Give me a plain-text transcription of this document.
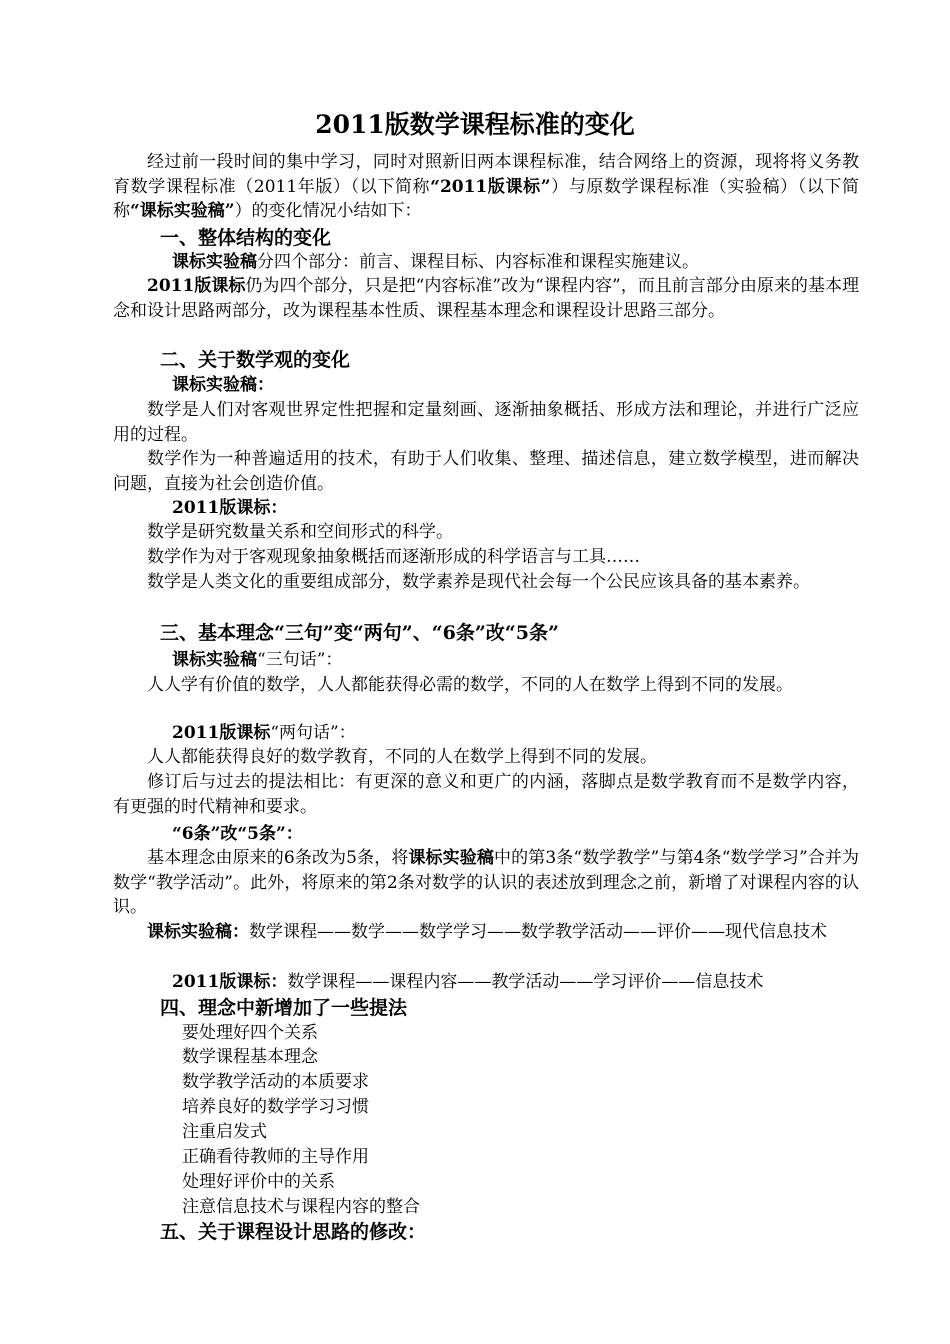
2011版数学课程标准的变化
经过前一段时间的集中学习，同时对照新旧两本课程标准，结合网络上的资源，现将将义务教育数学课程标准（2011年版）（以下简称“2011版课标”）与原数学课程标准（实验稿）（以下简称“课标实验稿”）的变化情况小结如下：
一、整体结构的变化
课标实验稿分四个部分：前言、课程目标、内容标准和课程实施建议。
2011版课标仍为四个部分，只是把“内容标准”改为“课程内容”，而且前言部分由原来的基本理念和设计思路两部分，改为课程基本性质、课程基本理念和课程设计思路三部分。
二、关于数学观的变化
课标实验稿：
数学是人们对客观世界定性把握和定量刻画、逐渐抽象概括、形成方法和理论，并进行广泛应用的过程。
数学作为一种普遍适用的技术，有助于人们收集、整理、描述信息，建立数学模型，进而解决问题，直接为社会创造价值。
2011版课标：
数学是研究数量关系和空间形式的科学。
数学作为对于客观现象抽象概括而逐渐形成的科学语言与工具……
数学是人类文化的重要组成部分，数学素养是现代社会每一个公民应该具备的基本素养。
三、基本理念“三句”变“两句”、“6条”改“5条”
课标实验稿“三句话”：
人人学有价值的数学，人人都能获得必需的数学，不同的人在数学上得到不同的发展。
2011版课标“两句话”：
人人都能获得良好的数学教育，不同的人在数学上得到不同的发展。
修订后与过去的提法相比：有更深的意义和更广的内涵，落脚点是数学教育而不是数学内容，有更强的时代精神和要求。
“6条”改“5条”：
基本理念由原来的6条改为5条，将课标实验稿中的第3条“数学教学”与第4条“数学学习”合并为数学“教学活动”。此外，将原来的第2条对数学的认识的表述放到理念之前，新增了对课程内容的认识。
课标实验稿：数学课程——数学——数学学习——数学教学活动——评价——现代信息技术
2011版课标：数学课程——课程内容——教学活动——学习评价——信息技术
四、理念中新增加了一些提法
要处理好四个关系
数学课程基本理念
数学教学活动的本质要求
培养良好的数学学习习惯
注重启发式
正确看待教师的主导作用
处理好评价中的关系
注意信息技术与课程内容的整合
五、关于课程设计思路的修改：
